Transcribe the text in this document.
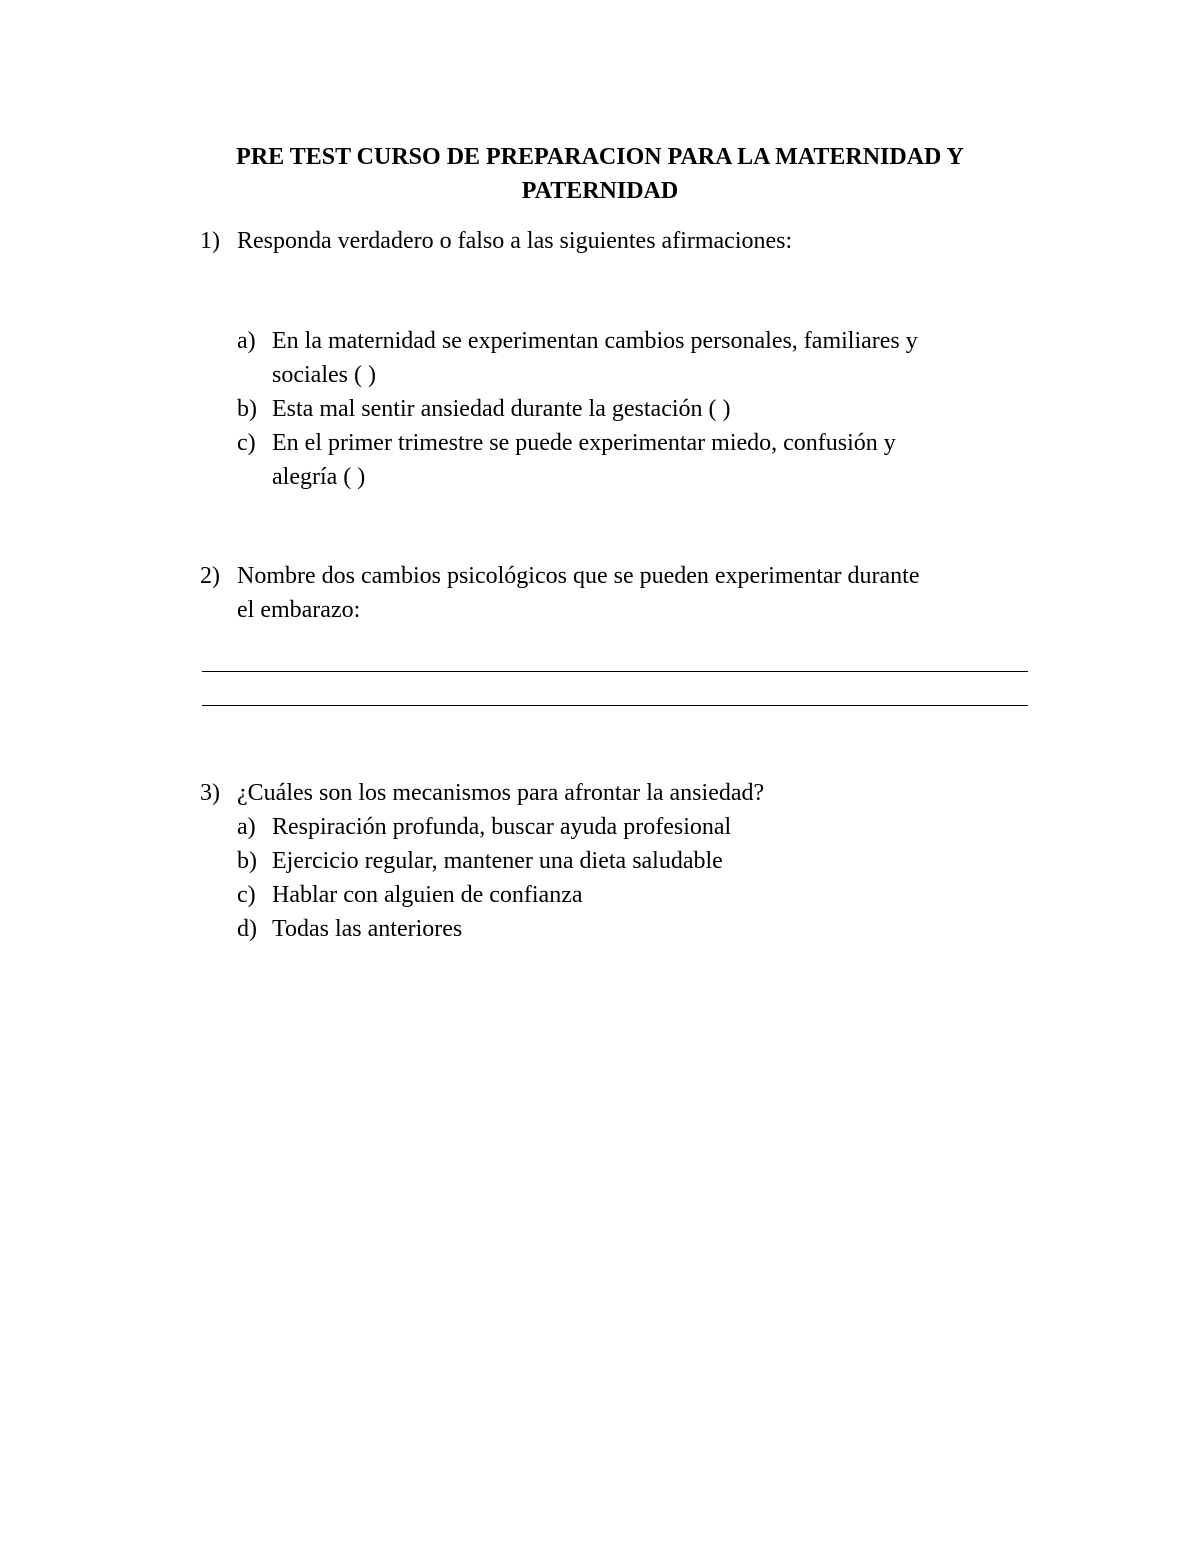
PRE TEST CURSO DE PREPARACION PARA LA MATERNIDAD Y

PATERNIDAD

1) Responda verdadero o falso a las siguientes afirmaciones:

a) En la maternidad se experimentan cambios personales, familiares y

sociales ( )

b) Esta mal sentir ansiedad durante la gestación ( )

c) En el primer trimestre se puede experimentar miedo, confusión y

alegría ( )

2) Nombre dos cambios psicológicos que se pueden experimentar durante

el embarazo:

3) ¿Cuáles son los mecanismos para afrontar la ansiedad?

a) Respiración profunda, buscar ayuda profesional

b) Ejercicio regular, mantener una dieta saludable

c) Hablar con alguien de confianza

d) Todas las anteriores
